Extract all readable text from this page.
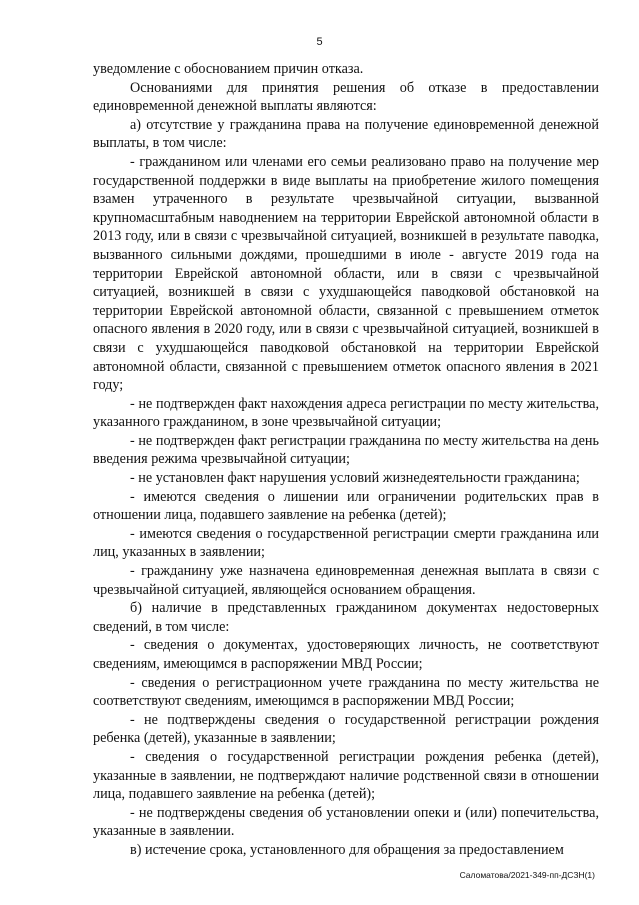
5

уведомление с обоснованием причин отказа.

Основаниями для принятия решения об отказе в предоставлении единовременной денежной выплаты являются:

а) отсутствие у гражданина права на получение единовременной денежной выплаты, в том числе:

- гражданином или членами его семьи реализовано право на получение мер государственной поддержки в виде выплаты на приобретение жилого помещения взамен утраченного в результате чрезвычайной ситуации, вызванной крупномасштабным наводнением на территории Еврейской автономной области в 2013 году, или в связи с чрезвычайной ситуацией, возникшей в результате паводка, вызванного сильными дождями, прошедшими в июле - августе 2019 года на территории Еврейской автономной области, или в связи с чрезвычайной ситуацией, возникшей в связи с ухудшающейся паводковой обстановкой на территории Еврейской автономной области, связанной с превышением отметок опасного явления в 2020 году, или в связи с чрезвычайной ситуацией, возникшей в связи с ухудшающейся паводковой обстановкой на территории Еврейской автономной области, связанной с превышением отметок опасного явления в 2021 году;

- не подтвержден факт нахождения адреса регистрации по месту жительства, указанного гражданином, в зоне чрезвычайной ситуации;

- не подтвержден факт регистрации гражданина по месту жительства на день введения режима чрезвычайной ситуации;

- не установлен факт нарушения условий жизнедеятельности гражданина;

- имеются сведения о лишении или ограничении родительских прав в отношении лица, подавшего заявление на ребенка (детей);

- имеются сведения о государственной регистрации смерти гражданина или лиц, указанных в заявлении;

- гражданину уже назначена единовременная денежная выплата в связи с чрезвычайной ситуацией, являющейся основанием обращения.

б) наличие в представленных гражданином документах недостоверных сведений, в том числе:

- сведения о документах, удостоверяющих личность, не соответствуют сведениям, имеющимся в распоряжении МВД России;

- сведения о регистрационном учете гражданина по месту жительства не соответствуют сведениям, имеющимся в распоряжении МВД России;

- не подтверждены сведения о государственной регистрации рождения ребенка (детей), указанные в заявлении;

- сведения о государственной регистрации рождения ребенка (детей), указанные в заявлении, не подтверждают наличие родственной связи в отношении лица, подавшего заявление на ребенка (детей);

- не подтверждены сведения об установлении опеки и (или) попечительства, указанные в заявлении.

в) истечение срока, установленного для обращения за предоставлением

Саломатова/2021-349-пп-ДСЗН(1)
